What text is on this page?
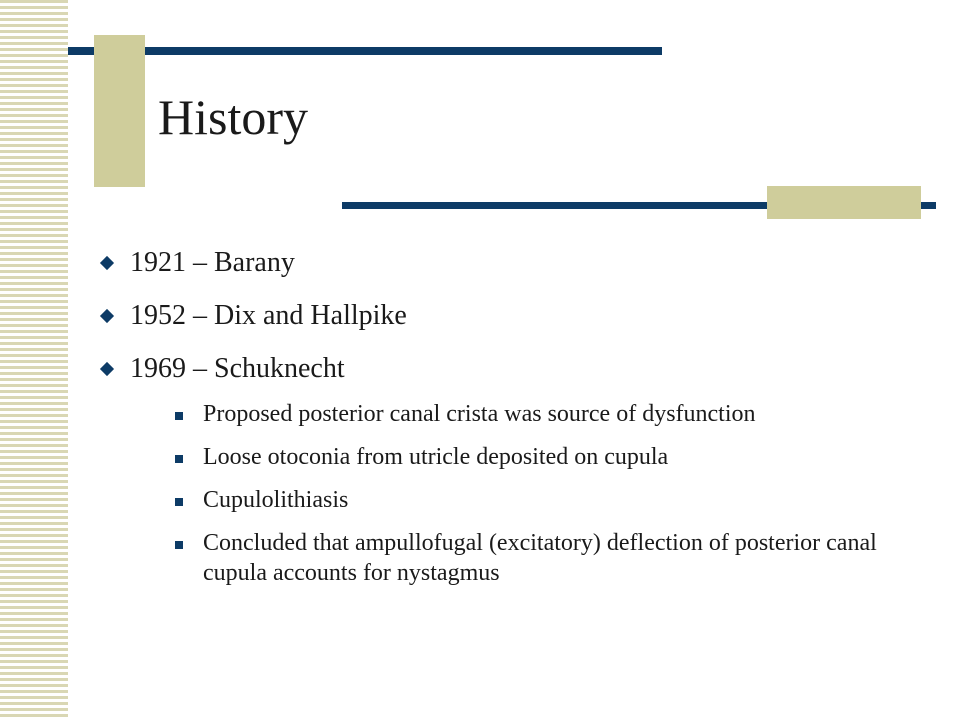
History
1921 – Barany
1952 – Dix and Hallpike
1969 – Schuknecht
Proposed posterior canal crista was source of dysfunction
Loose otoconia from utricle deposited on cupula
Cupulolithiasis
Concluded that ampullofugal (excitatory) deflection of posterior canal cupula accounts for nystagmus
